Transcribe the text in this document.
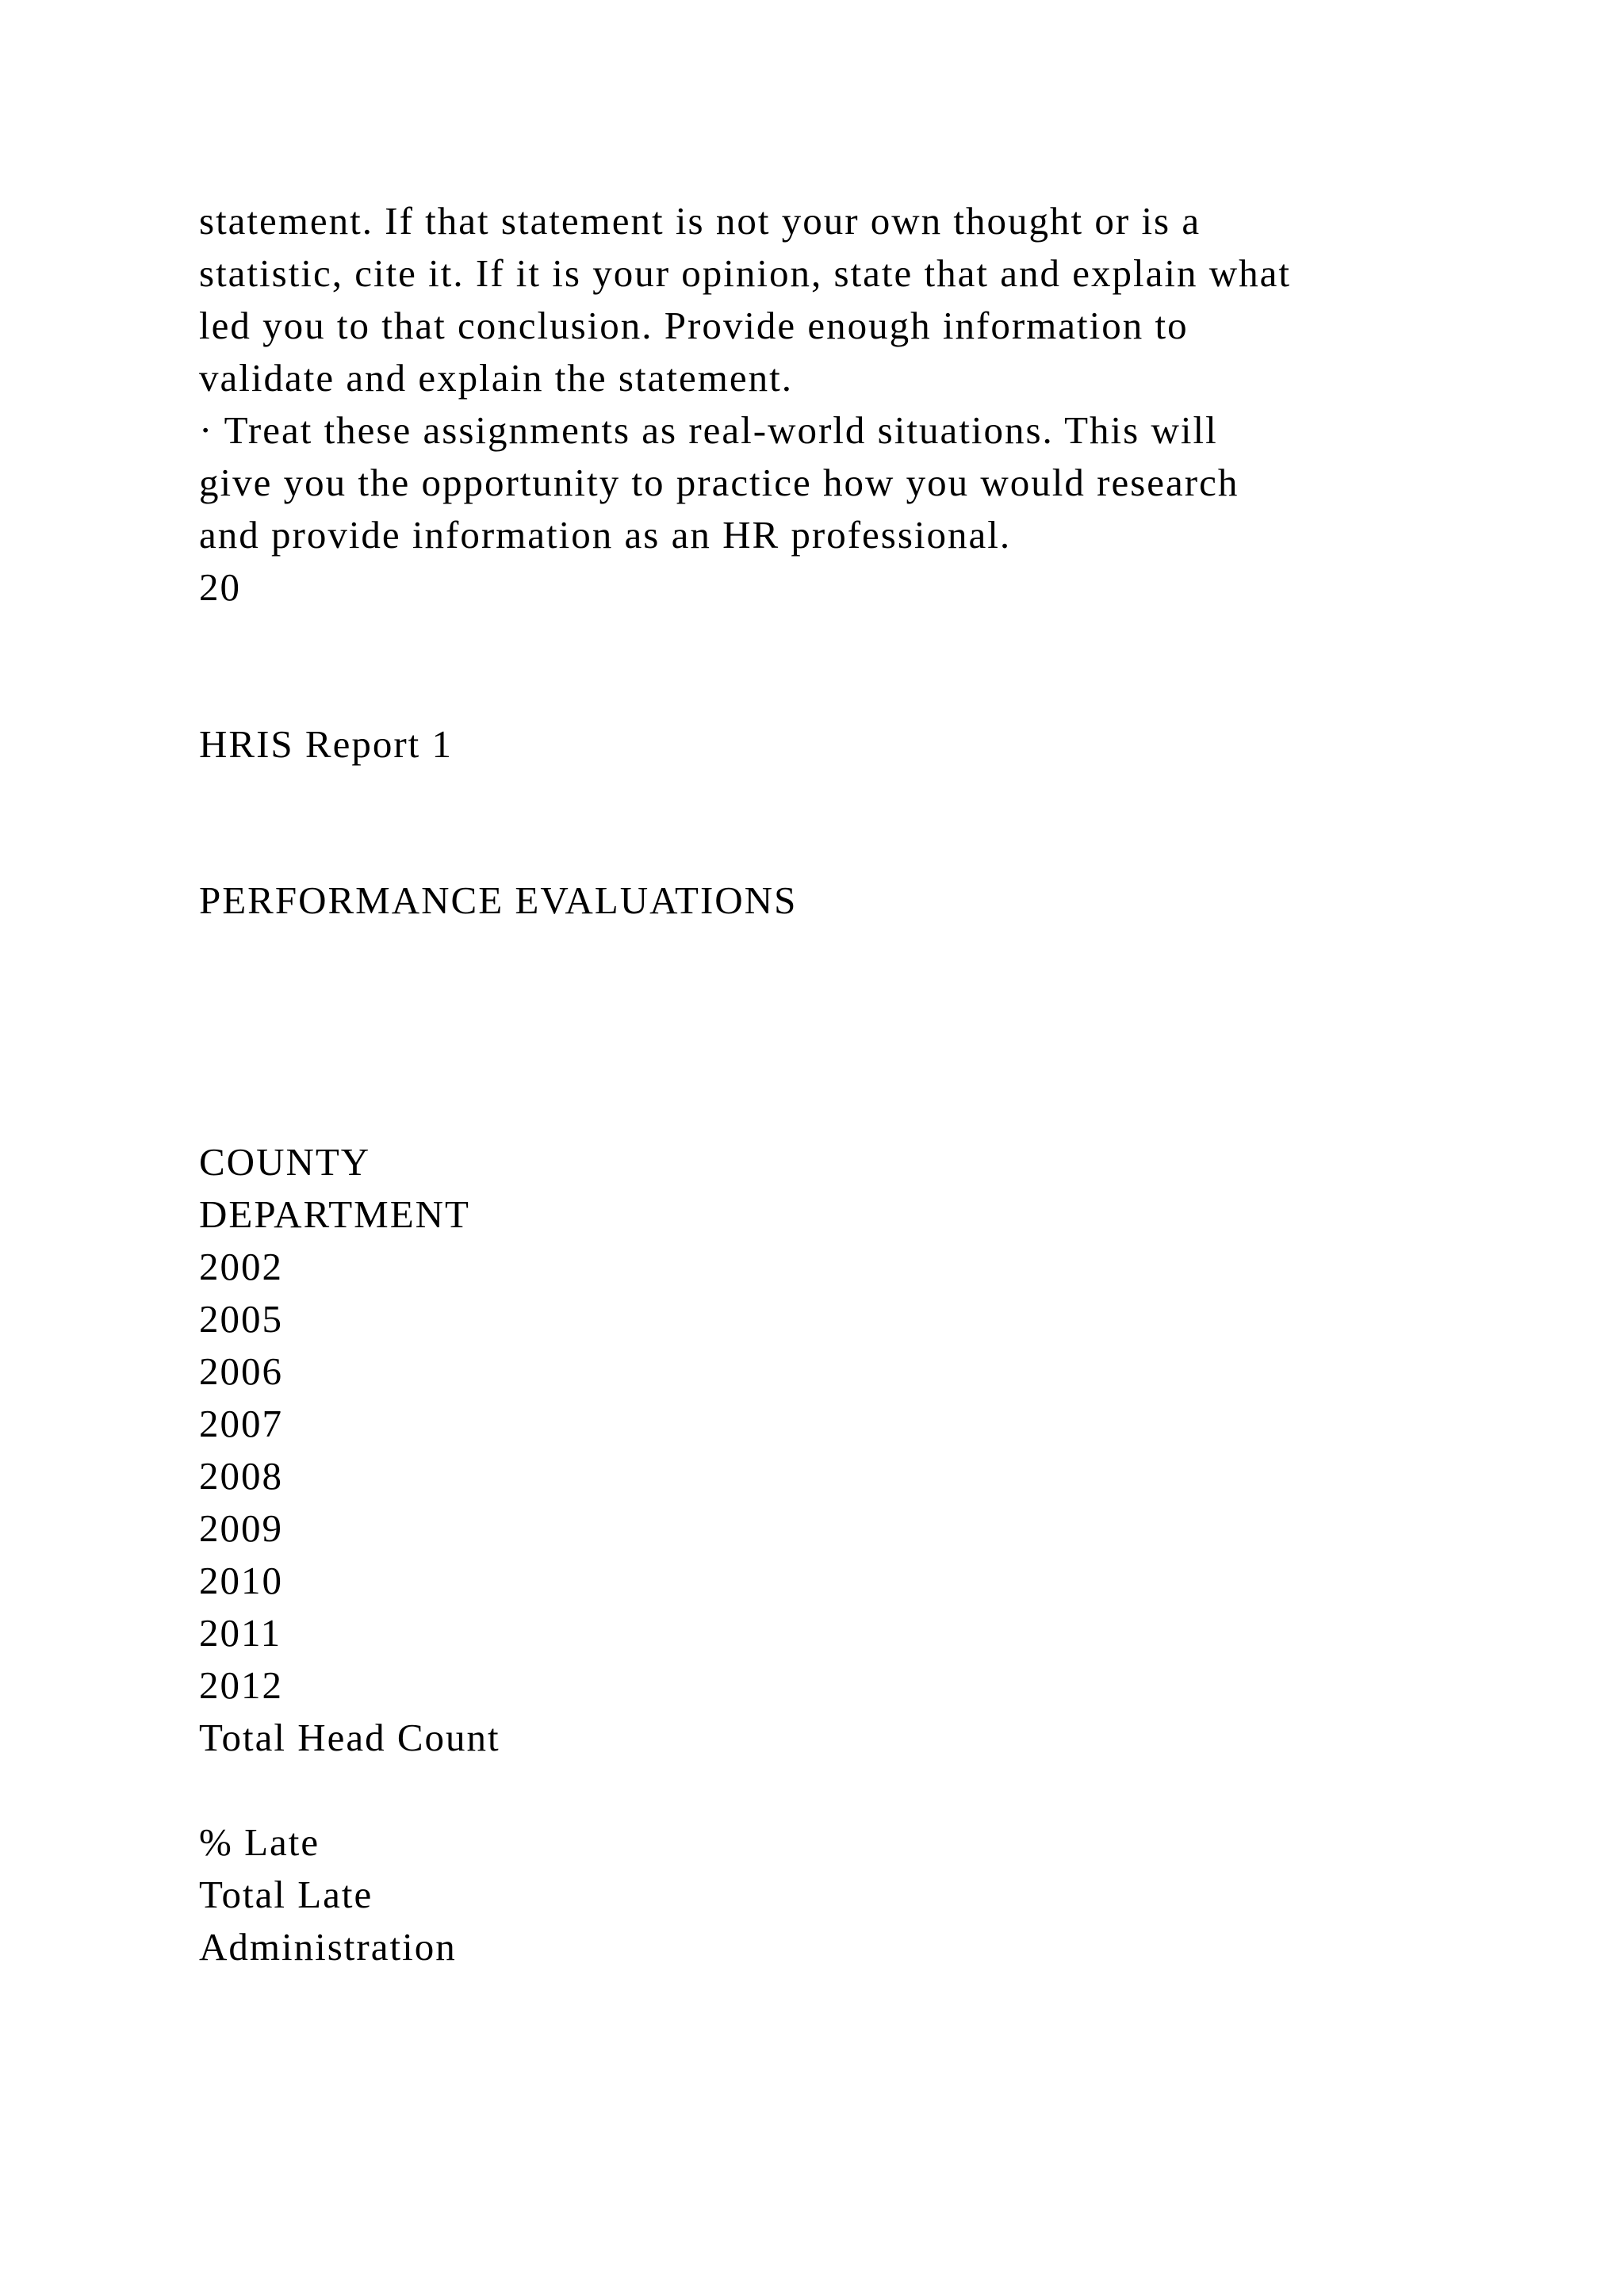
statement. If that statement is not your own thought or is a
statistic, cite it. If it is your opinion, state that and explain what
led you to that conclusion. Provide enough information to
validate and explain the statement.
· Treat these assignments as real-world situations. This will
give you the opportunity to practice how you would research
and provide information as an HR professional.
20
HRIS Report 1
PERFORMANCE EVALUATIONS
COUNTY
DEPARTMENT
2002
2005
2006
2007
2008
2009
2010
2011
2012
Total Head Count
% Late
Total Late
Administration
